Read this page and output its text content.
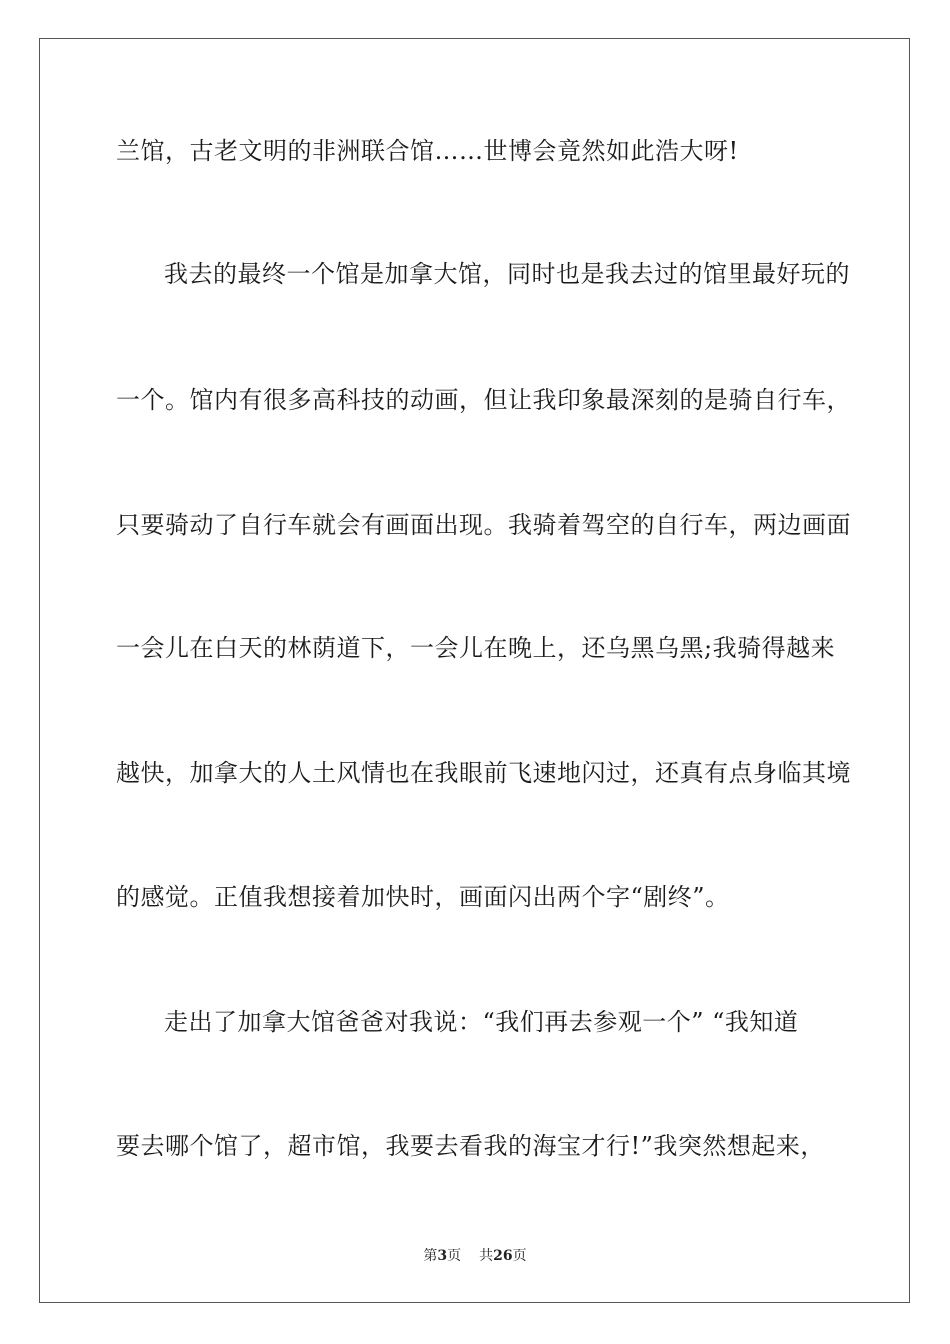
兰馆，古老文明的非洲联合馆……世博会竟然如此浩大呀!
我去的最终一个馆是加拿大馆，同时也是我去过的馆里最好玩的
一个。馆内有很多高科技的动画，但让我印象最深刻的是骑自行车，
只要骑动了自行车就会有画面出现。我骑着驾空的自行车，两边画面
一会儿在白天的林荫道下，一会儿在晚上，还乌黑乌黑;我骑得越来
越快，加拿大的人土风情也在我眼前飞速地闪过，还真有点身临其境
的感觉。正值我想接着加快时，画面闪出两个字“剧终”。
走出了加拿大馆爸爸对我说：“我们再去参观一个” “我知道
要去哪个馆了，超市馆，我要去看我的海宝才行!”我突然想起来，
第3页 共26页
